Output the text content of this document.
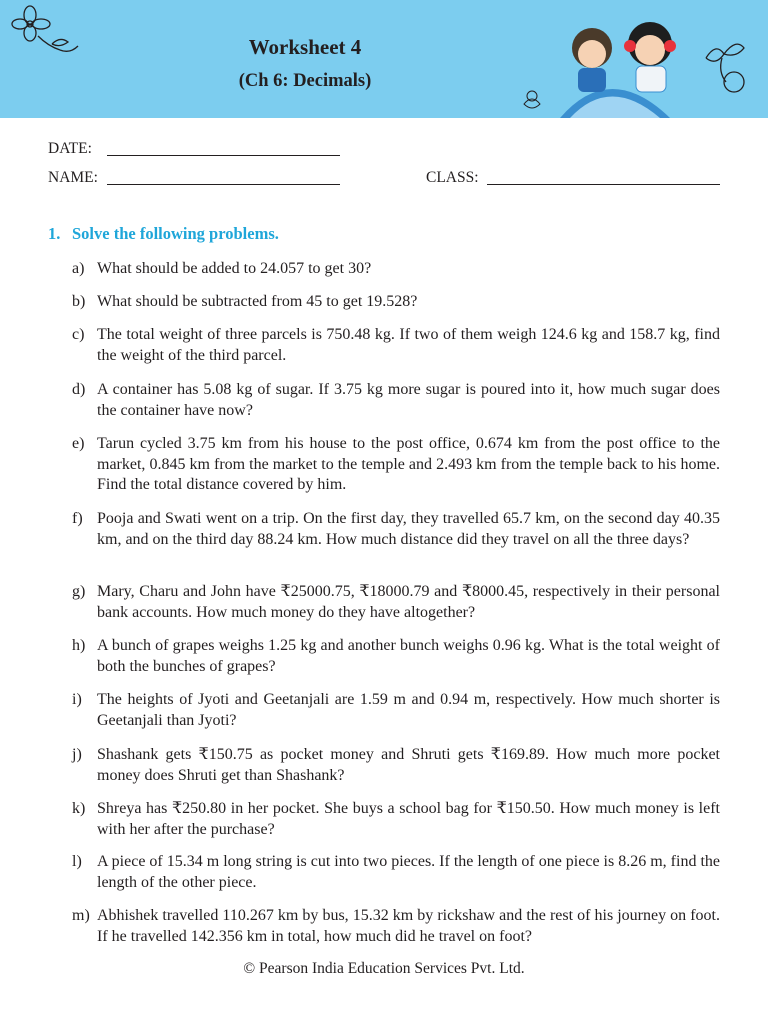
Worksheet 4
(Ch 6: Decimals)
DATE:
NAME:	CLASS:
1. Solve the following problems.
a) What should be added to 24.057 to get 30?
b) What should be subtracted from 45 to get 19.528?
c) The total weight of three parcels is 750.48 kg. If two of them weigh 124.6 kg and 158.7 kg, find the weight of the third parcel.
d) A container has 5.08 kg of sugar. If 3.75 kg more sugar is poured into it, how much sugar does the container have now?
e) Tarun cycled 3.75 km from his house to the post office, 0.674 km from the post office to the market, 0.845 km from the market to the temple and 2.493 km from the temple back to his home. Find the total distance covered by him.
f) Pooja and Swati went on a trip. On the first day, they travelled 65.7 km, on the second day 40.35 km, and on the third day 88.24 km. How much distance did they travel on all the three days?
g) Mary, Charu and John have ₹25000.75, ₹18000.79 and ₹8000.45, respectively in their personal bank accounts. How much money do they have altogether?
h) A bunch of grapes weighs 1.25 kg and another bunch weighs 0.96 kg. What is the total weight of both the bunches of grapes?
i) The heights of Jyoti and Geetanjali are 1.59 m and 0.94 m, respectively. How much shorter is Geetanjali than Jyoti?
j) Shashank gets ₹150.75 as pocket money and Shruti gets ₹169.89. How much more pocket money does Shruti get than Shashank?
k) Shreya has ₹250.80 in her pocket. She buys a school bag for ₹150.50. How much money is left with her after the purchase?
l) A piece of 15.34 m long string is cut into two pieces. If the length of one piece is 8.26 m, find the length of the other piece.
m) Abhishek travelled 110.267 km by bus, 15.32 km by rickshaw and the rest of his journey on foot. If he travelled 142.356 km in total, how much did he travel on foot?
© Pearson India Education Services Pvt. Ltd.
